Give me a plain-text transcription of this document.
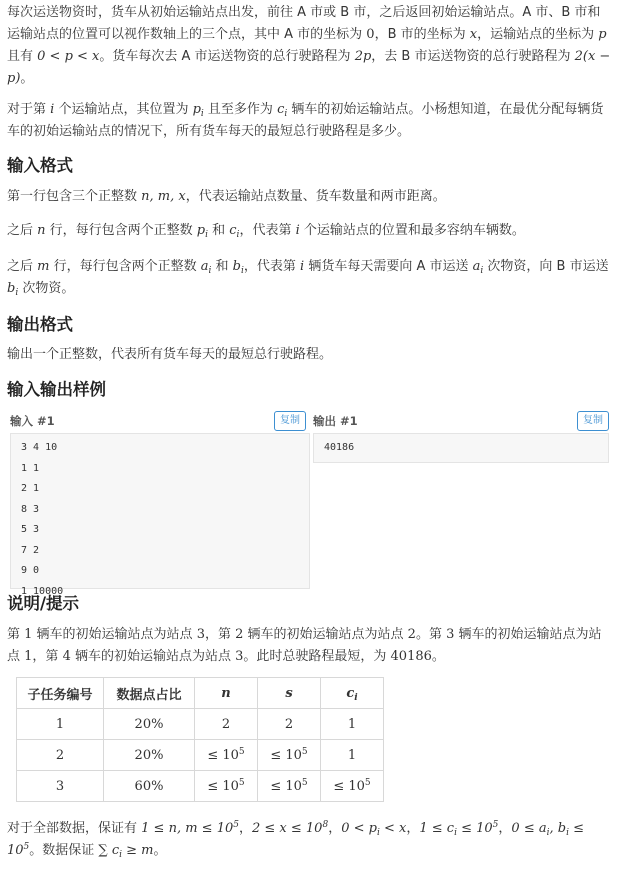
每次运送物资时，货车从初始运输站点出发，前往 A 市或 B 市，之后返回初始运输站点。A 市、B 市和运输站点的位置可以视作数轴上的三个点，其中 A 市的坐标为 0，B 市的坐标为 x，运输站点的坐标为 p 且有 0 < p < x。货车每次去 A 市运送物资的总行驶路程为 2p，去 B 市运送物资的总行驶路程为 2(x − p)。

对于第 i 个运输站点，其位置为 $p_i$ 且至多作为 $c_i$ 辆车的初始运输站点。小杨想知道，在最优分配每辆货车的初始运输站点的情况下，所有货车每天的最短总行驶路程是多少。

输入格式

第一行包含三个正整数 n, m, x，代表运输站点数量、货车数量和两市距离。

之后 n 行，每行包含两个正整数 $p_i$ 和 $c_i$，代表第 i 个运输站点的位置和最多容纳车辆数。

之后 m 行，每行包含两个正整数 $a_i$ 和 $b_i$，代表第 i 辆货车每天需要向 A 市运送 $a_i$ 次物资，向 B 市运送 $b_i$ 次物资。

输出格式

输出一个正整数，代表所有货车每天的最短总行驶路程。

输入输出样例
输入 #1	复制
3 4 10
1 1
2 1
8 3
5 3
7 2
9 0
1 10000
输出 #1	复制
40186
说明/提示

第 1 辆车的初始运输站点为站点 3，第 2 辆车的初始运输站点为站点 2。第 3 辆车的初始运输站点为站点 1，第 4 辆车的初始运输站点为站点 3。此时总驶路程最短，为 40186。

子任务编号	数据点占比	n	s	$c_i$
1	20%	2	2	1
2	20%	≤ $10^5$	≤ $10^5$	1
3	60%	≤ $10^5$	≤ $10^5$	≤ $10^5$

对于全部数据，保证有 1 ≤ n, $m \le 10^5$，$2 \le x \le 10^8$，$0 < p_i < x$，$1 \le c_i \le 10^5$，$0 \le a_i$, $b_i \le 10^5$。数据保证 ∑ $c_i \ge m$。
